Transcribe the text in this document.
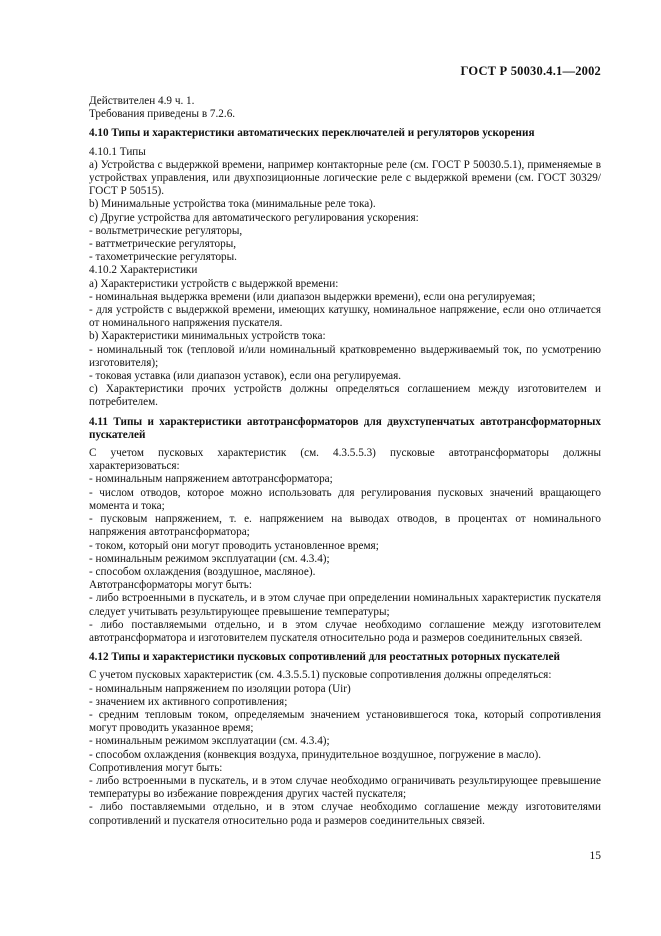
ГОСТ Р 50030.4.1—2002

Действителен 4.9 ч. 1.

Требования приведены в 7.2.6.

4.10 Типы и характеристики автоматических переключателей и регуляторов ускорения

4.10.1 Типы

а) Устройства с выдержкой времени, например контакторные реле (см. ГОСТ Р 50030.5.1), применяемые в устройствах управления, или двухпозиционные логические реле с выдержкой времени (см. ГОСТ 30329/ГОСТ Р 50515).

b) Минимальные устройства тока (минимальные реле тока).

с) Другие устройства для автоматического регулирования ускорения:

- вольтметрические регуляторы,

- ваттметрические регуляторы,

- тахометрические регуляторы.

4.10.2 Характеристики

а) Характеристики устройств с выдержкой времени:

- номинальная выдержка времени (или диапазон выдержки времени), если она регулируемая;

- для устройств с выдержкой времени, имеющих катушку, номинальное напряжение, если оно отличается от номинального напряжения пускателя.

b) Характеристики минимальных устройств тока:

- номинальный ток (тепловой и/или номинальный кратковременно выдерживаемый ток, по усмотрению изготовителя);

- токовая уставка (или диапазон уставок), если она регулируемая.

с) Характеристики прочих устройств должны определяться соглашением между изготовителем и потребителем.

4.11 Типы и характеристики автотрансформаторов для двухступенчатых автотрансформаторных пускателей

С учетом пусковых характеристик (см. 4.3.5.5.3) пусковые автотрансформаторы должны характеризоваться:

- номинальным напряжением автотрансформатора;

- числом отводов, которое можно использовать для регулирования пусковых значений вращающего момента и тока;

- пусковым напряжением, т. е. напряжением на выводах отводов, в процентах от номинального напряжения автотрансформатора;

- током, который они могут проводить установленное время;

- номинальным режимом эксплуатации (см. 4.3.4);

- способом охлаждения (воздушное, масляное).

Автотрансформаторы могут быть:

- либо встроенными в пускатель, и в этом случае при определении номинальных характеристик пускателя следует учитывать результирующее превышение температуры;

- либо поставляемыми отдельно, и в этом случае необходимо соглашение между изготовителем автотрансформатора и изготовителем пускателя относительно рода и размеров соединительных связей.

4.12 Типы и характеристики пусковых сопротивлений для реостатных роторных пускателей

С учетом пусковых характеристик (см. 4.3.5.5.1) пусковые сопротивления должны определяться:

- номинальным напряжением по изоляции ротора (Uir)

- значением их активного сопротивления;

- средним тепловым током, определяемым значением установившегося тока, который сопротивления могут проводить указанное время;

- номинальным режимом эксплуатации (см. 4.3.4);

- способом охлаждения (конвекция воздуха, принудительное воздушное, погружение в масло).

Сопротивления могут быть:

- либо встроенными в пускатель, и в этом случае необходимо ограничивать результирующее превышение температуры во избежание повреждения других частей пускателя;

- либо поставляемыми отдельно, и в этом случае необходимо соглашение между изготовителями сопротивлений и пускателя относительно рода и размеров соединительных связей.

15
